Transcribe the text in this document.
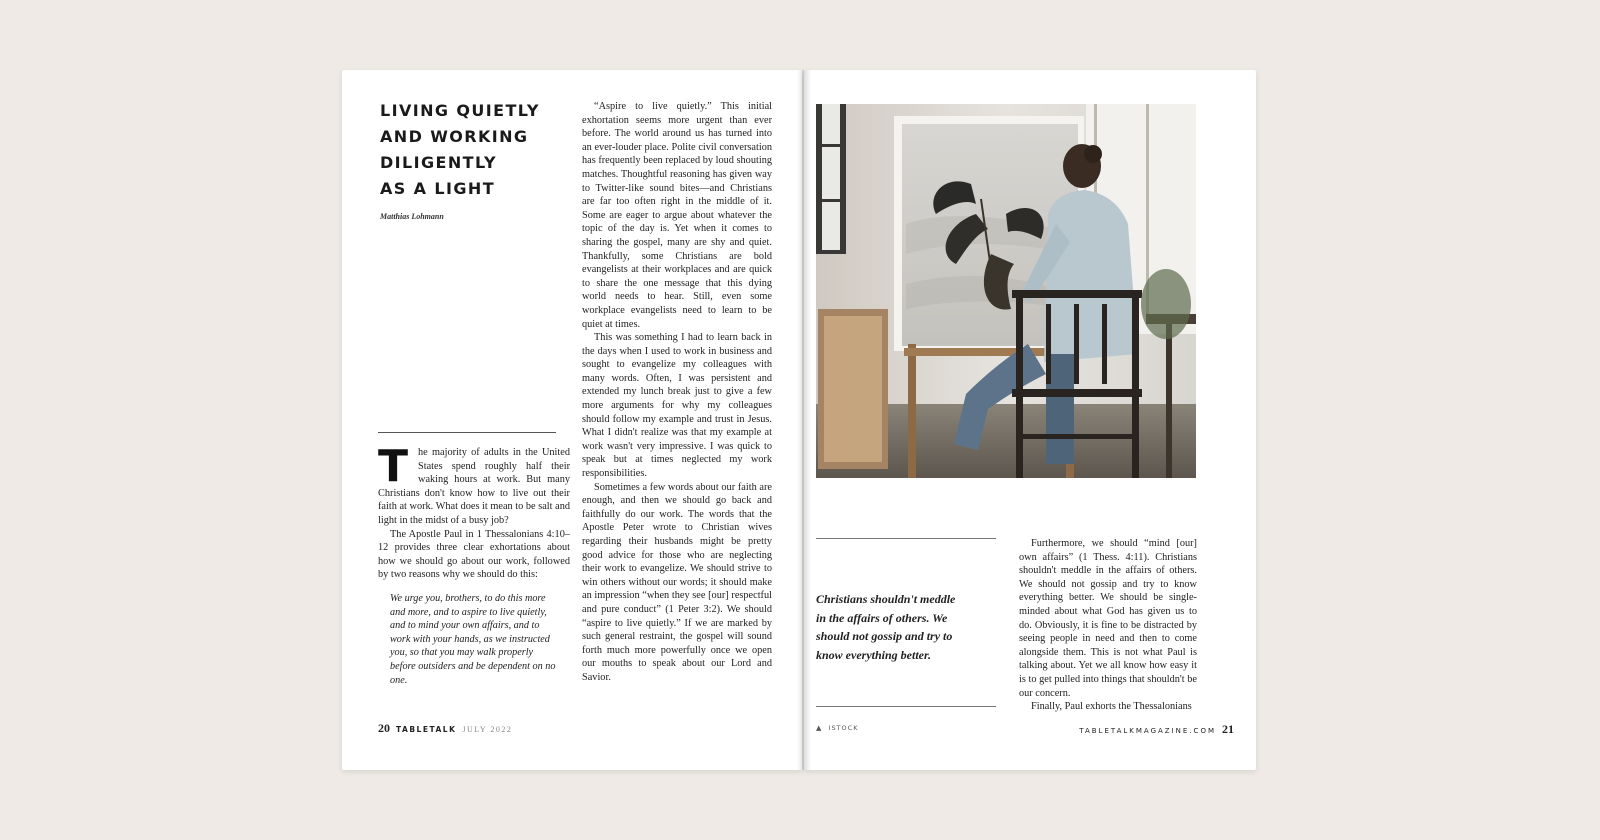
LIVING QUIETLY
AND WORKING
DILIGENTLY
AS A LIGHT
Matthias Lohmann

The majority of adults in the United States spend roughly half their waking hours at work. But many Christians don't know how to live out their faith at work. What does it mean to be salt and light in the midst of a busy job?

The Apostle Paul in 1 Thessalonians 4:10–12 provides three clear exhortations about how we should go about our work, followed by two reasons why we should do this:

We urge you, brothers, to do this more and more, and to aspire to live quietly, and to mind your own affairs, and to work with your hands, as we instructed you, so that you may walk properly before outsiders and be dependent on no one.

“Aspire to live quietly.” This initial exhortation seems more urgent than ever before. The world around us has turned into an ever-louder place. Polite civil conversation has frequently been replaced by loud shouting matches. Thoughtful reasoning has given way to Twitter-like sound bites—and Christians are far too often right in the middle of it. Some are eager to argue about whatever the topic of the day is. Yet when it comes to sharing the gospel, many are shy and quiet. Thankfully, some Christians are bold evangelists at their workplaces and are quick to share the one message that this dying world needs to hear. Still, even some workplace evangelists need to learn to be quiet at times.

This was something I had to learn back in the days when I used to work in business and sought to evangelize my colleagues with many words. Often, I was persistent and extended my lunch break just to give a few more arguments for why my colleagues should follow my example and trust in Jesus. What I didn't realize was that my example at work wasn't very impressive. I was quick to speak but at times neglected my work responsibilities.

Sometimes a few words about our faith are enough, and then we should go back and faithfully do our work. The words that the Apostle Peter wrote to Christian wives regarding their husbands might be pretty good advice for those who are neglecting their work to evangelize. We should strive to win others without our words; it should make an impression “when they see [our] respectful and pure conduct” (1 Peter 3:2). We should “aspire to live quietly.” If we are marked by such general restraint, the gospel will sound forth much more powerfully once we open our mouths to speak about our Lord and Savior.

20 TABLETALK JULY 2022
Christians shouldn't meddle in the affairs of others. We should not gossip and try to know everything better.

Furthermore, we should “mind [our] own affairs” (1 Thess. 4:11). Christians shouldn't meddle in the affairs of others. We should not gossip and try to know everything better. We should be single-minded about what God has given us to do. Obviously, it is fine to be distracted by seeing people in need and then to come alongside them. This is not what Paul is talking about. Yet we all know how easy it is to get pulled into things that shouldn't be our concern.

Finally, Paul exhorts the Thessalonians

▲ ISTOCK	TABLETALKMAGAZINE.COM 21
